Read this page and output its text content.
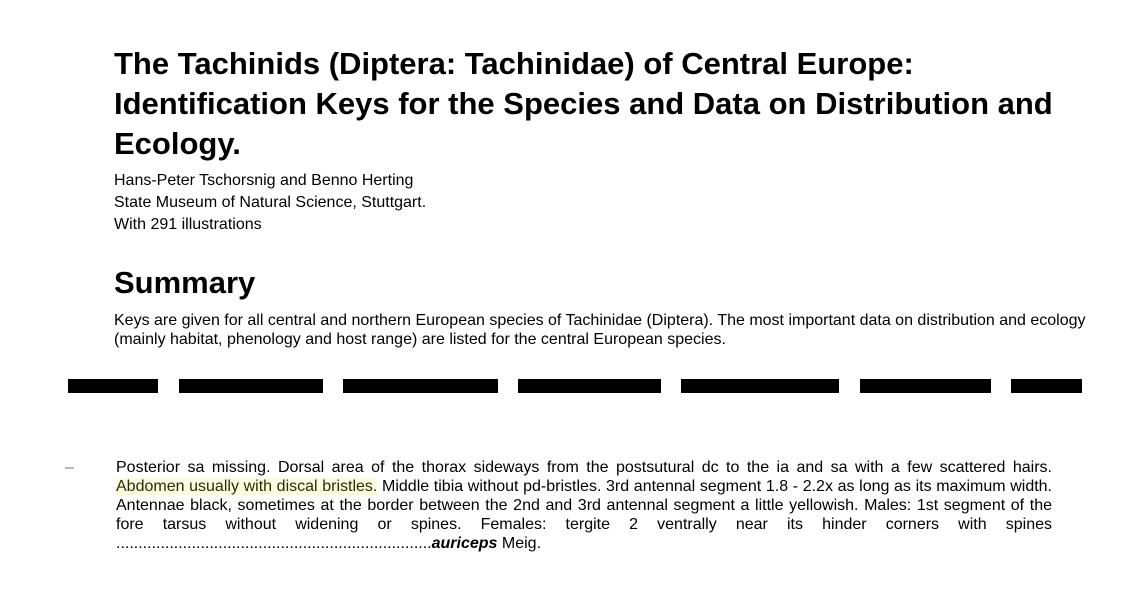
The Tachinids (Diptera: Tachinidae) of Central Europe: Identification Keys for the Species and Data on Distribution and Ecology.
Hans-Peter Tschorsnig and Benno Herting
State Museum of Natural Science, Stuttgart.
With 291 illustrations
Summary

Keys are given for all central and northern European species of Tachinidae (Diptera). The most important data on distribution and ecology (mainly habitat, phenology and host range) are listed for the central European species.

–	Posterior sa missing. Dorsal area of the thorax sideways from the postsutural dc to the ia and sa with a few scattered hairs. Abdomen usually with discal bristles. Middle tibia without pd-bristles. 3rd antennal segment 1.8 - 2.2x as long as its maximum width. Antennae black, sometimes at the border between the 2nd and 3rd antennal segment a little yellowish. Males: 1st segment of the fore tarsus without widening or spines. Females: tergite 2 ventrally near its hinder corners with spines .......................................................................auriceps Meig.
